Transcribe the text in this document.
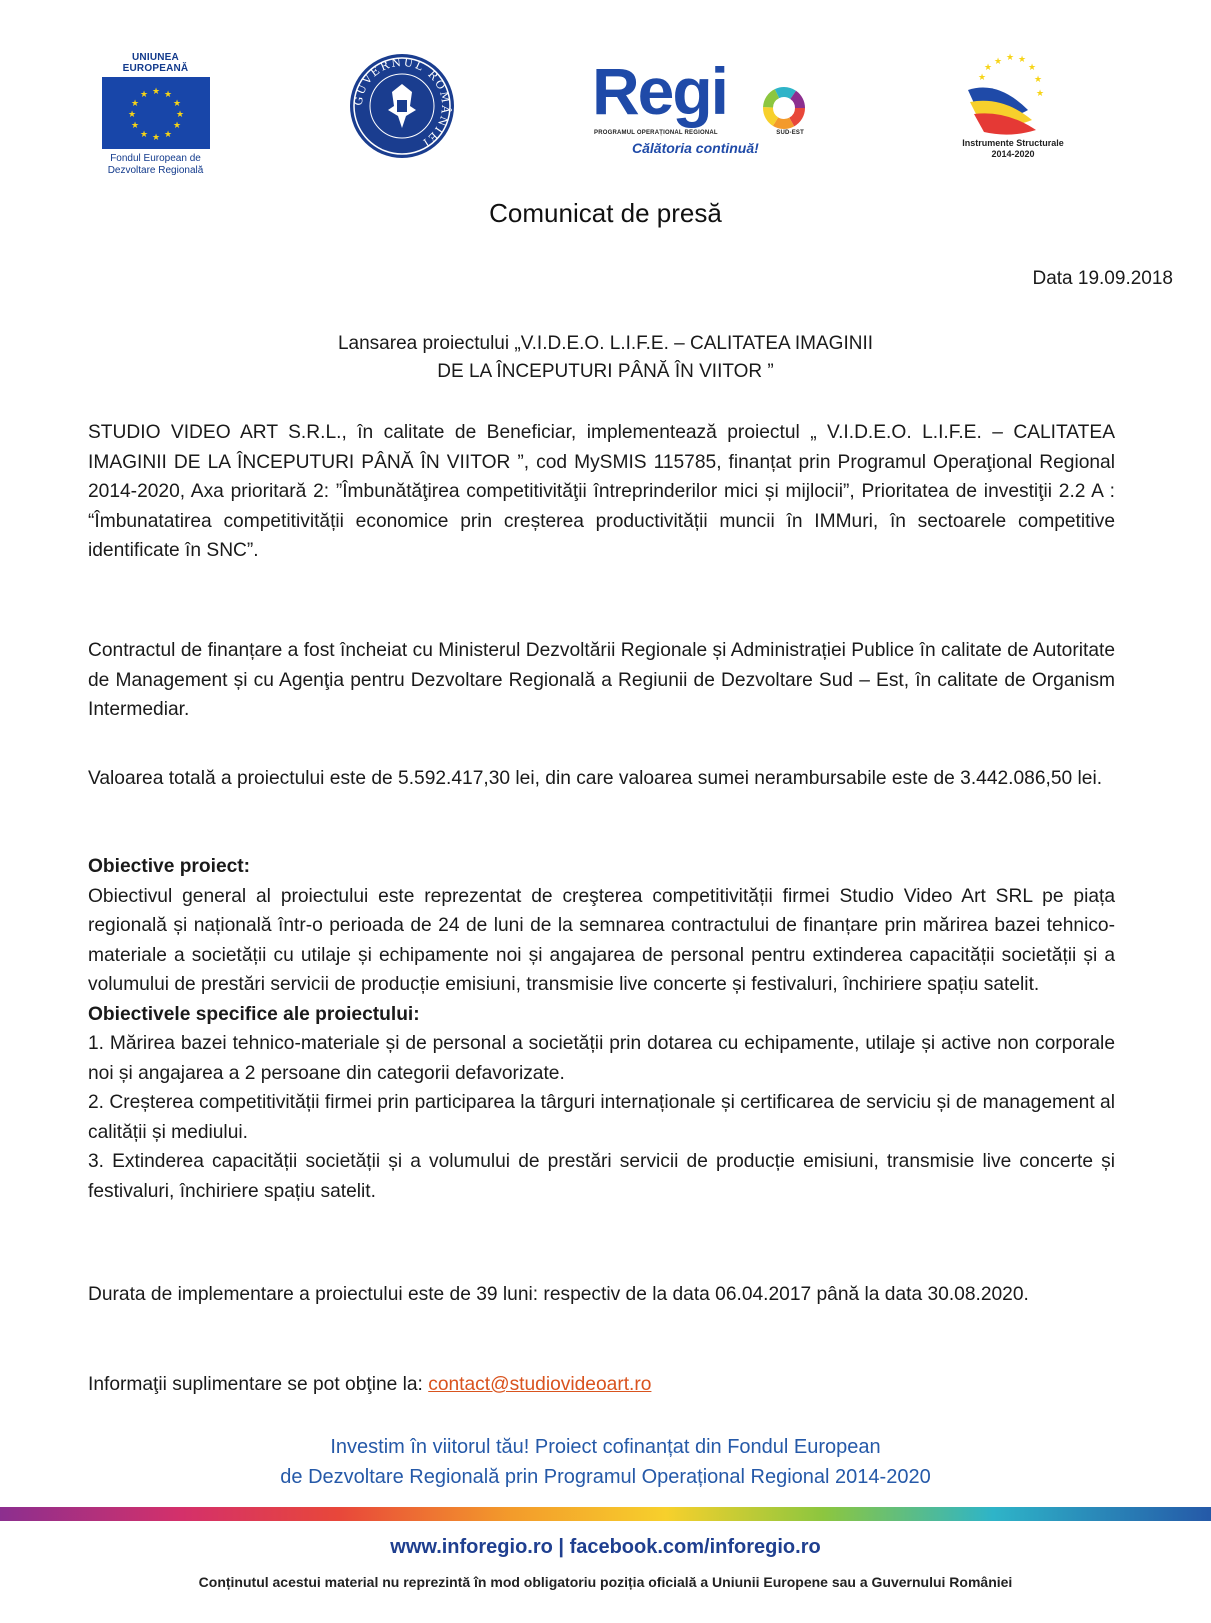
UNIUNEA EUROPEANĂ
★ ★
★
★
★
★
★
★
★
★
★
★
Fondul European de
Dezvoltare Regională
GUVERNUL ROMÂNIEI
Regi
PROGRAMUL OPERAȚIONAL REGIONAL	SUD-EST
Călătoria continuă!
★ ★ ★
★
★
★
★
★
Instrumente Structurale
2014-2020
Comunicat de presă
Data 19.09.2018
Lansarea proiectului „V.I.D.E.O. L.I.F.E. – CALITATEA IMAGINII
DE LA ÎNCEPUTURI PÂNĂ ÎN VIITOR ”
STUDIO VIDEO ART S.R.L., în calitate de Beneficiar, implementează proiectul „ V.I.D.E.O. L.I.F.E. – CALITATEA IMAGINII DE LA ÎNCEPUTURI PÂNĂ ÎN VIITOR ”, cod MySMIS 115785, finanțat prin Programul Operaţional Regional 2014-2020, Axa prioritară 2: ”Îmbunătăţirea competitivităţii întreprinderilor mici și mijlocii”, Prioritatea de investiţii 2.2 A : “Îmbunatatirea competitivității economice prin creșterea productivității muncii în IMMuri, în sectoarele competitive identificate în SNC”.
Contractul de finanțare a fost încheiat cu Ministerul Dezvoltării Regionale și Administrației Publice în calitate de Autoritate de Management și cu Agenţia pentru Dezvoltare Regională a Regiunii de Dezvoltare Sud – Est, în calitate de Organism Intermediar.
Valoarea totală a proiectului este de 5.592.417,30 lei, din care valoarea sumei nerambursabile este de 3.442.086,50 lei.
Obiective proiect:
Obiectivul general al proiectului este reprezentat de creşterea competitivității firmei Studio Video Art SRL pe piața regională și națională într-o perioada de 24 de luni de la semnarea contractului de finanțare prin mărirea bazei tehnico-materiale a societății cu utilaje și echipamente noi și angajarea de personal pentru extinderea capacității societății și a volumului de prestări servicii de producție emisiuni, transmisie live concerte și festivaluri, închiriere spațiu satelit.
Obiectivele specifice ale proiectului:
1. Mărirea bazei tehnico-materiale și de personal a societății prin dotarea cu echipamente, utilaje și active non corporale noi și angajarea a 2 persoane din categorii defavorizate.
2. Creșterea competitivității firmei prin participarea la târguri internaționale și certificarea de serviciu și de management al calității și mediului.
3. Extinderea capacității societății și a volumului de prestări servicii de producție emisiuni, transmisie live concerte și festivaluri, închiriere spațiu satelit.
Durata de implementare a proiectului este de 39 luni: respectiv de la data 06.04.2017 până la data 30.08.2020.
Informaţii suplimentare se pot obţine la: contact@studiovideoart.ro
Investim în viitorul tău! Proiect cofinanțat din Fondul European
de Dezvoltare Regională prin Programul Operațional Regional 2014-2020
www.inforegio.ro | facebook.com/inforegio.ro
Conținutul acestui material nu reprezintă în mod obligatoriu poziția oficială a Uniunii Europene sau a Guvernului României
